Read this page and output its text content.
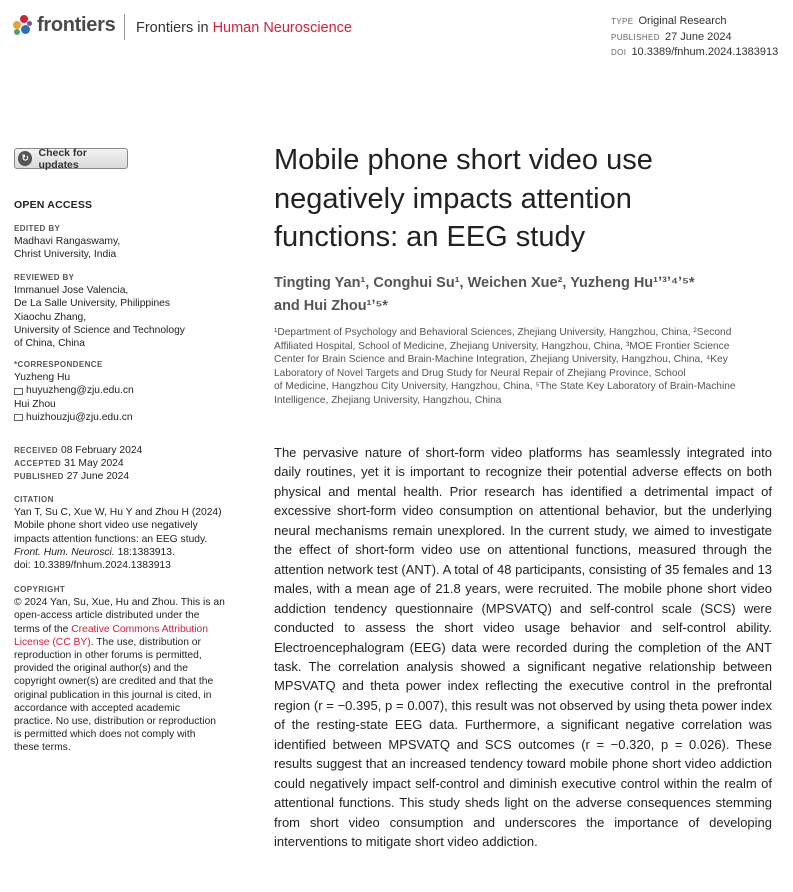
frontiers Frontiers in Human Neuroscience	TYPE Original Research
PUBLISHED 27 June 2024
DOI 10.3389/fnhum.2024.1383913
↻ Check for updates
OPEN ACCESS
EDITED BY
Madhavi Rangaswamy,
Christ University, India
REVIEWED BY
Immanuel Jose Valencia,
De La Salle University, Philippines
Xiaochu Zhang,
University of Science and Technology
of China, China
*CORRESPONDENCE
Yuzheng Hu
huyuzheng@zju.edu.cn
Hui Zhou
huizhouzju@zju.edu.cn
RECEIVED 08 February 2024
ACCEPTED 31 May 2024
PUBLISHED 27 June 2024
CITATION
Yan T, Su C, Xue W, Hu Y and Zhou H (2024)
Mobile phone short video use negatively
impacts attention functions: an EEG study.
Front. Hum. Neurosci. 18:1383913.
doi: 10.3389/fnhum.2024.1383913
COPYRIGHT
© 2024 Yan, Su, Xue, Hu and Zhou. This is an
open-access article distributed under the
terms of the Creative Commons Attribution
License (CC BY). The use, distribution or
reproduction in other forums is permitted,
provided the original author(s) and the
copyright owner(s) are credited and that the
original publication in this journal is cited, in
accordance with accepted academic
practice. No use, distribution or reproduction
is permitted which does not comply with
these terms.
Mobile phone short video use
negatively impacts attention
functions: an EEG study
Tingting Yan¹, Conghui Su¹, Weichen Xue², Yuzheng Hu¹ʼ³ʼ⁴ʼ⁵*
and Hui Zhou¹ʼ⁵*
¹Department of Psychology and Behavioral Sciences, Zhejiang University, Hangzhou, China, ²Second
Affiliated Hospital, School of Medicine, Zhejiang University, Hangzhou, China, ³MOE Frontier Science
Center for Brain Science and Brain-Machine Integration, Zhejiang University, Hangzhou, China, ⁴Key
Laboratory of Novel Targets and Drug Study for Neural Repair of Zhejiang Province, School
of Medicine, Hangzhou City University, Hangzhou, China, ⁵The State Key Laboratory of Brain-Machine
Intelligence, Zhejiang University, Hangzhou, China
The pervasive nature of short-form video platforms has seamlessly integrated into daily routines, yet it is important to recognize their potential adverse effects on both physical and mental health. Prior research has identified a detrimental impact of excessive short-form video consumption on attentional behavior, but the underlying neural mechanisms remain unexplored. In the current study, we aimed to investigate the effect of short-form video use on attentional functions, measured through the attention network test (ANT). A total of 48 participants, consisting of 35 females and 13 males, with a mean age of 21.8 years, were recruited. The mobile phone short video addiction tendency questionnaire (MPSVATQ) and self-control scale (SCS) were conducted to assess the short video usage behavior and self-control ability. Electroencephalogram (EEG) data were recorded during the completion of the ANT task. The correlation analysis showed a significant negative relationship between MPSVATQ and theta power index reflecting the executive control in the prefrontal region (r = −0.395, p = 0.007), this result was not observed by using theta power index of the resting-state EEG data. Furthermore, a significant negative correlation was identified between MPSVATQ and SCS outcomes (r = −0.320, p = 0.026). These results suggest that an increased tendency toward mobile phone short video addiction could negatively impact self-control and diminish executive control within the realm of attentional functions. This study sheds light on the adverse consequences stemming from short video consumption and underscores the importance of developing interventions to mitigate short video addiction.
